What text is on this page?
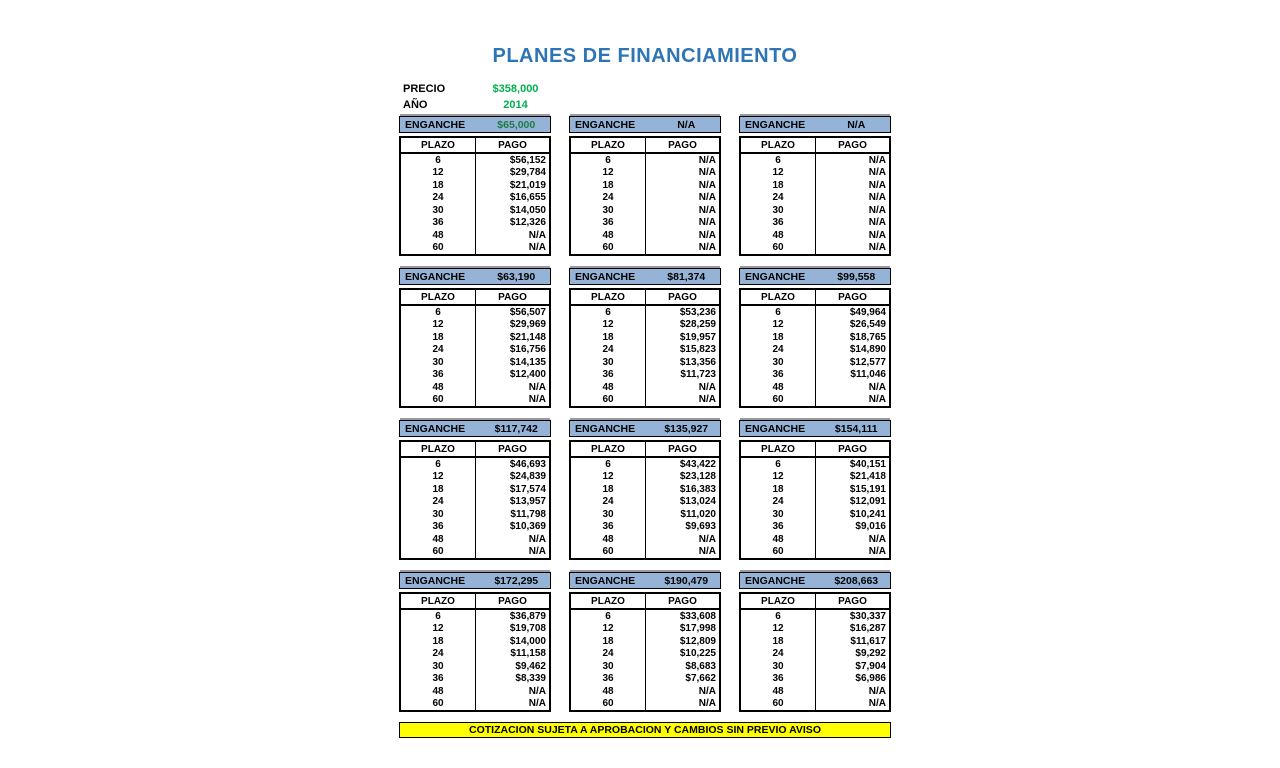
PLANES DE FINANCIAMIENTO
PRECIO	$358,000
AÑO	2014
ENGANCHE	$65,000
PLAZO	PAGO
6	$56,152
12	$29,784
18	$21,019
24	$16,655
30	$14,050
36	$12,326
48	N/A
60	N/A
ENGANCHE	N/A
PLAZO	PAGO
6	N/A
12	N/A
18	N/A
24	N/A
30	N/A
36	N/A
48	N/A
60	N/A
ENGANCHE	N/A
PLAZO	PAGO
6	N/A
12	N/A
18	N/A
24	N/A
30	N/A
36	N/A
48	N/A
60	N/A
ENGANCHE	$63,190
PLAZO	PAGO
6	$56,507
12	$29,969
18	$21,148
24	$16,756
30	$14,135
36	$12,400
48	N/A
60	N/A
ENGANCHE	$81,374
PLAZO	PAGO
6	$53,236
12	$28,259
18	$19,957
24	$15,823
30	$13,356
36	$11,723
48	N/A
60	N/A
ENGANCHE	$99,558
PLAZO	PAGO
6	$49,964
12	$26,549
18	$18,765
24	$14,890
30	$12,577
36	$11,046
48	N/A
60	N/A
ENGANCHE	$117,742
PLAZO	PAGO
6	$46,693
12	$24,839
18	$17,574
24	$13,957
30	$11,798
36	$10,369
48	N/A
60	N/A
ENGANCHE	$135,927
PLAZO	PAGO
6	$43,422
12	$23,128
18	$16,383
24	$13,024
30	$11,020
36	$9,693
48	N/A
60	N/A
ENGANCHE	$154,111
PLAZO	PAGO
6	$40,151
12	$21,418
18	$15,191
24	$12,091
30	$10,241
36	$9,016
48	N/A
60	N/A
ENGANCHE	$172,295
PLAZO	PAGO
6	$36,879
12	$19,708
18	$14,000
24	$11,158
30	$9,462
36	$8,339
48	N/A
60	N/A
ENGANCHE	$190,479
PLAZO	PAGO
6	$33,608
12	$17,998
18	$12,809
24	$10,225
30	$8,683
36	$7,662
48	N/A
60	N/A
ENGANCHE	$208,663
PLAZO	PAGO
6	$30,337
12	$16,287
18	$11,617
24	$9,292
30	$7,904
36	$6,986
48	N/A
60	N/A
COTIZACION SUJETA A APROBACION Y CAMBIOS SIN PREVIO AVISO
